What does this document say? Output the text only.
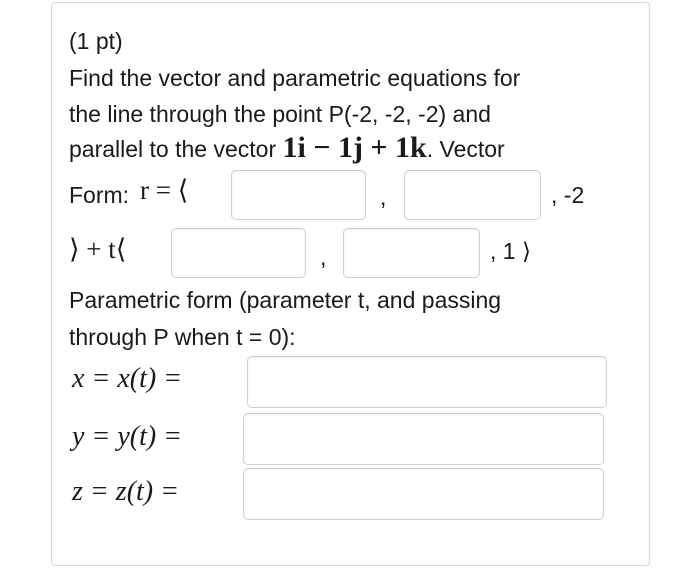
(1 pt)
Find the vector and parametric equations for
the line through the point P(-2, -2, -2) and
parallel to the vector 1i − 1j + 1k. Vector
Form: r = ⟨	,	, -2
⟩ + t⟨	,	, 1 ⟩
Parametric form (parameter t, and passing
through P when t = 0):
x = x(t) =
y = y(t) =
z = z(t) =
